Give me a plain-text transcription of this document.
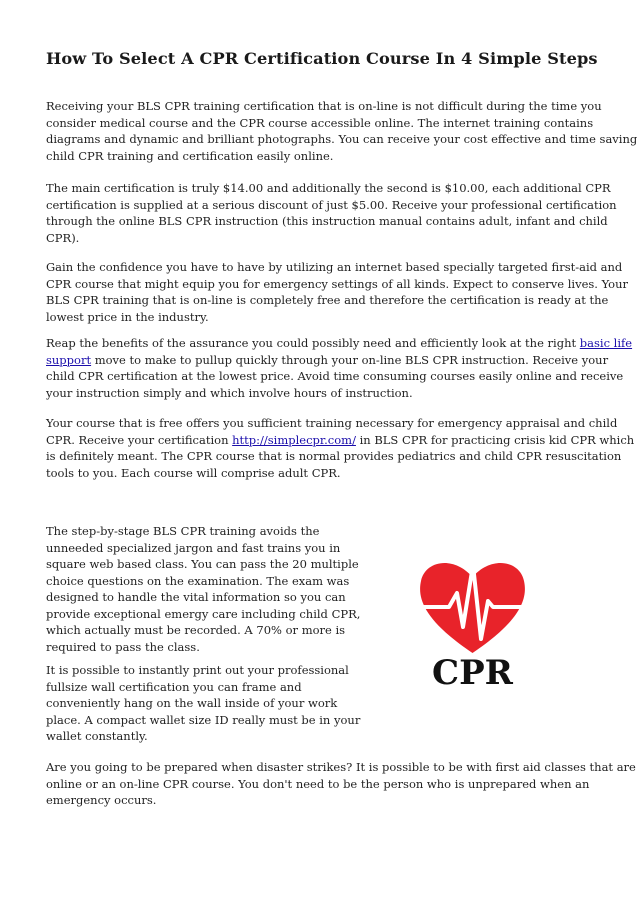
How To Select A CPR Certification Course In 4 Simple Steps

Receiving your BLS CPR training certification that is on-line is not difficult during the time you
consider medical course and the CPR course accessible online. The internet training contains
diagrams and dynamic and brilliant photographs. You can receive your cost effective and time saving
child CPR training and certification easily online.

The main certification is truly $14.00 and additionally the second is $10.00, each additional CPR
certification is supplied at a serious discount of just $5.00. Receive your professional certification
through the online BLS CPR instruction (this instruction manual contains adult, infant and child
CPR).

Gain the confidence you have to have by utilizing an internet based specially targeted first-aid and
CPR course that might equip you for emergency settings of all kinds. Expect to conserve lives. Your
BLS CPR training that is on-line is completely free and therefore the certification is ready at the
lowest price in the industry.

Reap the benefits of the assurance you could possibly need and efficiently look at the right basic life
support move to make to pullup quickly through your on-line BLS CPR instruction. Receive your
child CPR certification at the lowest price. Avoid time consuming courses easily online and receive
your instruction simply and which involve hours of instruction.

Your course that is free offers you sufficient training necessary for emergency appraisal and child
CPR. Receive your certification http://simplecpr.com/ in BLS CPR for practicing crisis kid CPR which
is definitely meant. The CPR course that is normal provides pediatrics and child CPR resuscitation
tools to you. Each course will comprise adult CPR.

The step-by-stage BLS CPR training avoids the
unneeded specialized jargon and fast trains you in
square web based class. You can pass the 20 multiple
choice questions on the examination. The exam was
designed to handle the vital information so you can
provide exceptional emergy care including child CPR,
which actually must be recorded. A 70% or more is
required to pass the class.

It is possible to instantly print out your professional
fullsize wall certification you can frame and
conveniently hang on the wall inside of your work
place. A compact wallet size ID really must be in your
wallet constantly.

Are you going to be prepared when disaster strikes? It is possible to be with first aid classes that are
online or an on-line CPR course. You don't need to be the person who is unprepared when an
emergency occurs.

CPR
